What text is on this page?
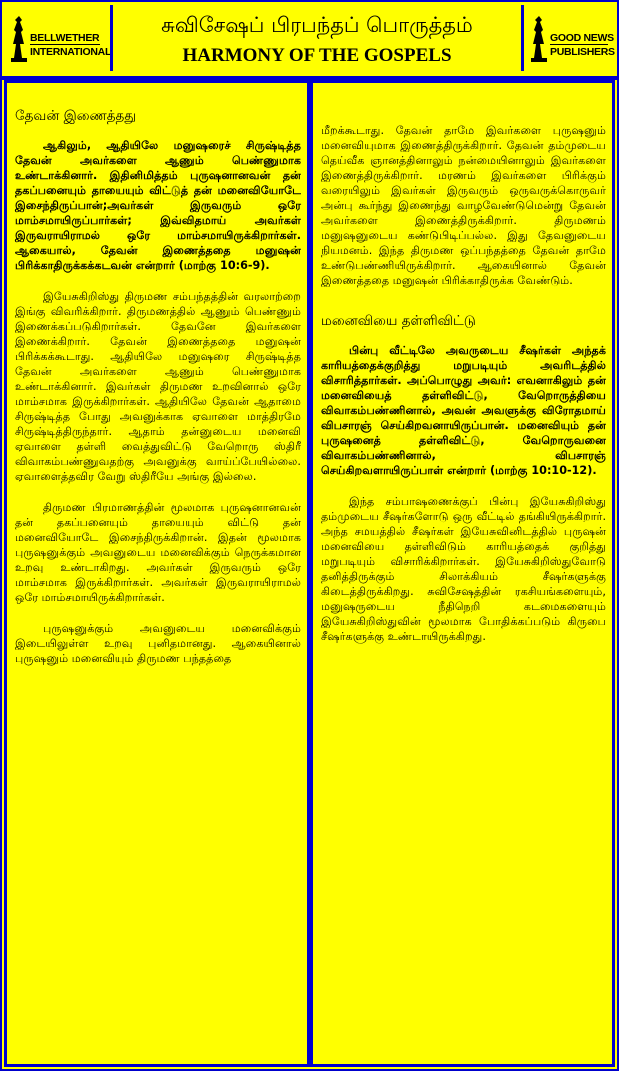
BELLWETHER
INTERNATIONAL
சுவிசேஷப் பிரபந்தப் பொருத்தம்
HARMONY OF THE GOSPELS
GOOD NEWS
PUBLISHERS
தேவன் இணைத்தது

ஆகிலும், ஆதியிலே மனுஷரைச் சிருஷ்டித்த தேவன் அவர்களை ஆணும் பெண்ணுமாக உண்டாக்கினார். இதினிமித்தம் புருஷனானவன் தன் தகப்பனையும் தாயையும் விட்டுத் தன் மனைவியோடே இசைந்திருப்பான்;அவர்கள் இருவரும் ஒரே மாம்சமாயிருப்பார்கள்; இவ்விதமாய் அவர்கள் இருவராயிராமல் ஒரே மாம்சமாயிருக்கிறார்கள். ஆகையால், தேவன் இணைத்ததை மனுஷன் பிரிக்காதிருக்கக்கடவன் என்றார் (மாற்கு 10:6-9).

இயேசுகிறிஸ்து திருமண சம்பந்தத்தின் வரலாற்றை இங்கு விவரிக்கிறார். திருமணத்தில் ஆணும் பெண்ணும் இணைக்கப்படுகிறார்கள். தேவனே இவர்களை இணைக்கிறார். தேவன் இணைத்ததை மனுஷன் பிரிக்கக்கூடாது. ஆதியிலே மனுஷரை சிருஷ்டித்த தேவன் அவர்களை ஆணும் பெண்ணுமாக உண்டாக்கினார். இவர்கள் திருமண உறவினால் ஒரே மாம்சமாக இருக்கிறார்கள். ஆதியிலே தேவன் ஆதாமை சிருஷ்டித்த போது அவனுக்காக ஏவாளை மாத்திரமே சிருஷ்டித்திருந்தார். ஆதாம் தன்னுடைய மனைவி ஏவாளை தள்ளி வைத்துவிட்டு வேறொரு ஸ்திரீ விவாகம்பண்ணுவதற்கு அவனுக்கு வாய்ப்பேயில்லை. ஏவாளைத்தவிர வேறு ஸ்திரீயே அங்கு இல்லை.

திருமண பிரமாணத்தின் மூலமாக புருஷனானவன் தன் தகப்பனையும் தாயையும் விட்டு தன் மனைவியோடே இசைந்திருக்கிறான். இதன் மூலமாக புருஷனுக்கும் அவனுடைய மனைவிக்கும் நெருக்கமான உறவு உண்டாகிறது. அவர்கள் இருவரும் ஒரே மாம்சமாக இருக்கிறார்கள். அவர்கள் இருவராயிராமல் ஒரே மாம்சமாயிருக்கிறார்கள்.

புருஷனுக்கும் அவனுடைய மனைவிக்கும் இடையிலுள்ள உறவு புனிதமானது. ஆகையினால் புருஷனும் மனைவியும் திருமண பந்தத்தை

மீறக்கூடாது. தேவன் தாமே இவர்களை புருஷனும் மனைவியுமாக இணைத்திருக்கிறார். தேவன் தம்முடைய தெய்வீக ஞானத்தினாலும் நன்மையினாலும் இவர்களை இணைத்திருக்கிறார். மரணம் இவர்களை பிரிக்கும் வரையிலும் இவர்கள் இருவரும் ஒருவருக்கொருவர் அன்பு கூர்ந்து இணைந்து வாழவேண்டுமென்று தேவன் அவர்களை இணைத்திருக்கிறார். திருமணம் மனுஷனுடைய கண்டுபிடிப்பல்ல. இது தேவனுடைய நியமனம். இந்த திருமண ஒப்பந்தத்தை தேவன் தாமே உண்டுபண்ணியிருக்கிறார். ஆகையினால் தேவன் இணைத்ததை மனுஷன் பிரிக்காதிருக்க வேண்டும்.

மனைவியை தள்ளிவிட்டு

பின்பு வீட்டிலே அவருடைய சீஷர்கள் அந்தக் காரியத்தைக்குறித்து மறுபடியும் அவரிடத்தில் விசாரித்தார்கள். அப்பொழுது அவர்: எவனாகிலும் தன் மனைவியைத் தள்ளிவிட்டு, வேறொருத்தியை விவாகம்பண்ணினால், அவன் அவளுக்கு விரோதமாய் விபசாரஞ் செய்கிறவனாயிருப்பான். மனைவியும் தன் புருஷனைத் தள்ளிவிட்டு, வேறொருவனை விவாகம்பண்ணினால், விபசாரஞ் செய்கிறவளாயிருப்பாள் என்றார் (மாற்கு 10:10-12).

இந்த சம்பாஷணைக்குப் பின்பு இயேசுகிறிஸ்து தம்முடைய சீஷர்களோடு ஒரு வீட்டில் தங்கியிருக்கிறார். அந்த சமயத்தில் சீஷர்கள் இயேசுவினிடத்தில் புருஷன் மனைவியை தள்ளிவிடும் காரியத்தைக் குறித்து மறுபடியும் விசாரிக்கிறார்கள். இயேசுகிறிஸ்துவோடு தனித்திருக்கும் சிலாக்கியம் சீஷர்களுக்கு கிடைத்திருக்கிறது. சுவிசேஷத்தின் ரகசியங்களையும், மனுஷருடைய நீதிநெறி கடமைகளையும் இயேசுகிறிஸ்துவின் மூலமாக போதிக்கப்படும் கிருபை சீஷர்களுக்கு உண்டாயிருக்கிறது.
